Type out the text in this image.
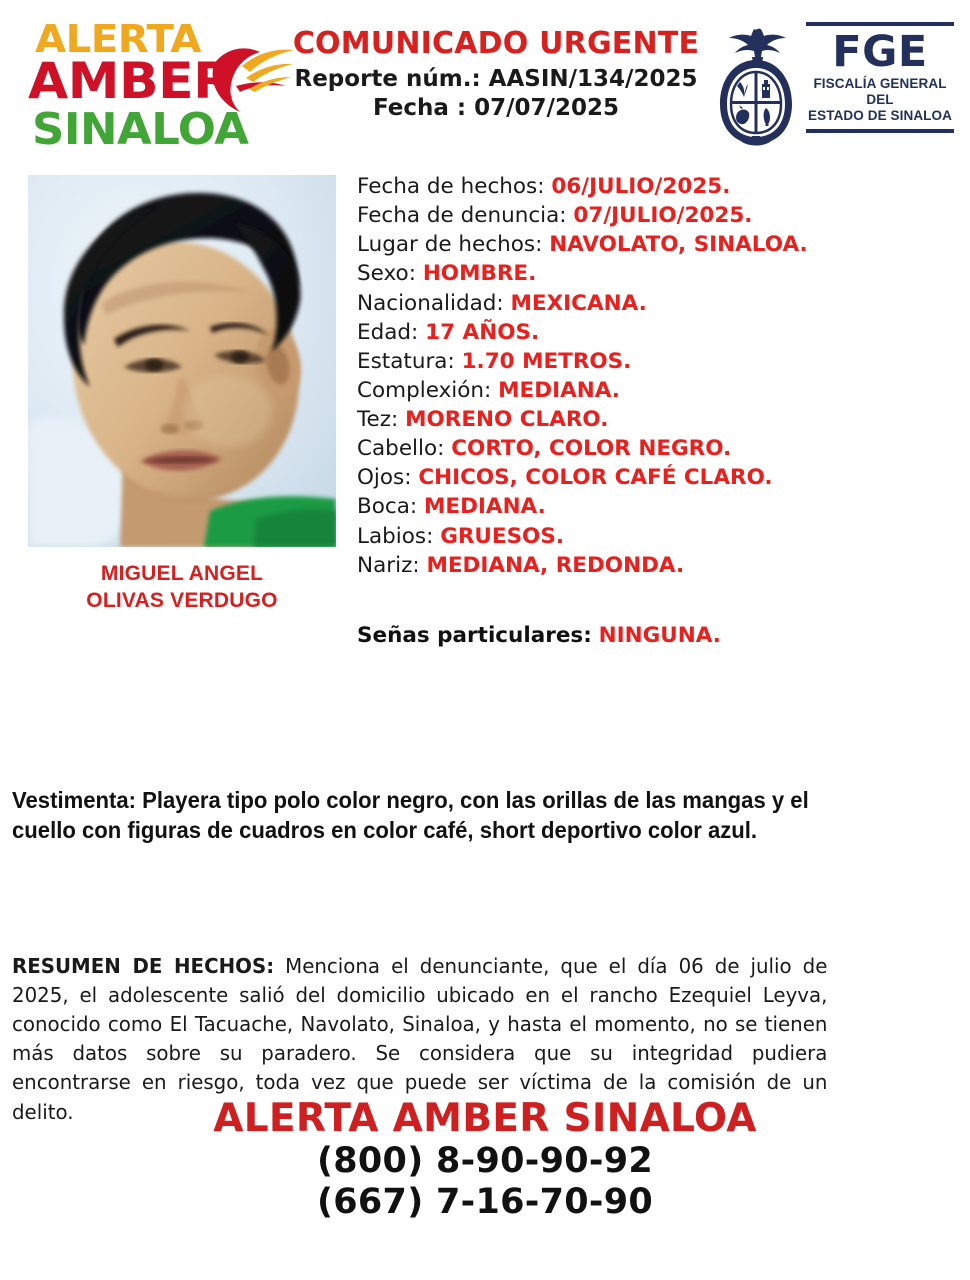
ALERTA
AMBER
SINALOA
COMUNICADO URGENTE
Reporte núm.: AASIN/134/2025
Fecha : 07/07/2025
FGE
FISCALÍA GENERAL DEL
ESTADO DE SINALOA
MIGUEL ANGEL
OLIVAS VERDUGO
Fecha de hechos: 06/JULIO/2025.
Fecha de denuncia: 07/JULIO/2025.
Lugar de hechos: NAVOLATO, SINALOA.
Sexo: HOMBRE.
Nacionalidad: MEXICANA.
Edad: 17 AÑOS.
Estatura: 1.70 METROS.
Complexión: MEDIANA.
Tez: MORENO CLARO.
Cabello: CORTO, COLOR NEGRO.
Ojos: CHICOS, COLOR CAFÉ CLARO.
Boca: MEDIANA.
Labios: GRUESOS.
Nariz: MEDIANA, REDONDA.
Señas particulares: NINGUNA.
Vestimenta: Playera tipo polo color negro, con las orillas de las mangas y el cuello con figuras de cuadros en color café, short deportivo color azul.
RESUMEN DE HECHOS: Menciona el denunciante, que el día 06 de julio de 2025, el adolescente salió del domicilio ubicado en el rancho Ezequiel Leyva, conocido como El Tacuache, Navolato, Sinaloa, y hasta el momento, no se tienen más datos sobre su paradero. Se considera que su integridad pudiera encontrarse en riesgo, toda vez que puede ser víctima de la comisión de un delito.	ALERTA AMBER SINALOA
(800) 8-90-90-92
(667) 7-16-70-90
